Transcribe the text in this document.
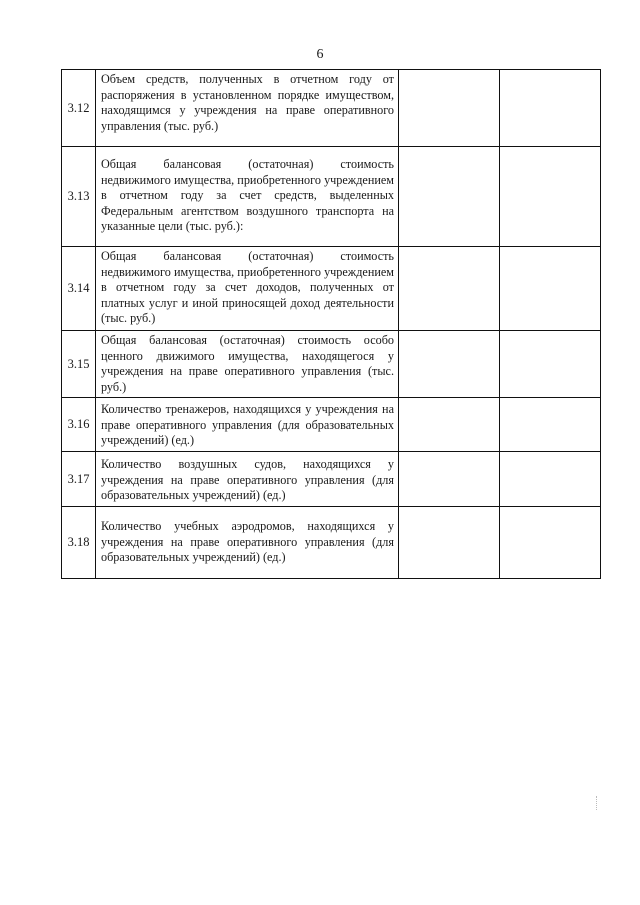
6
3.12	Объем средств, полученных в отчетном году от распоряжения в установленном порядке имуществом, находящимся у учреждения на праве оперативного управления (тыс. руб.)		
3.13	Общая балансовая (остаточная) стоимость недвижимого имущества, приобретенного учреждением в отчетном году за счет средств, выделенных Федеральным агентством воздушного транспорта на указанные цели (тыс. руб.):		
3.14	Общая балансовая (остаточная) стоимость недвижимого имущества, приобретенного учреждением в отчетном году за счет доходов, полученных от платных услуг и иной приносящей доход деятельности (тыс. руб.)		
3.15	Общая балансовая (остаточная) стоимость особо ценного движимого имущества, находящегося у учреждения на праве оперативного управления (тыс. руб.)		
3.16	Количество тренажеров, находящихся у учреждения на праве оперативного управления (для образовательных учреждений) (ед.)		
3.17	Количество воздушных судов, находящихся у учреждения на праве оперативного управления (для образовательных учреждений) (ед.)		
3.18	Количество учебных аэродромов, находящихся у учреждения на праве оперативного управления (для образовательных учреждений) (ед.)		
